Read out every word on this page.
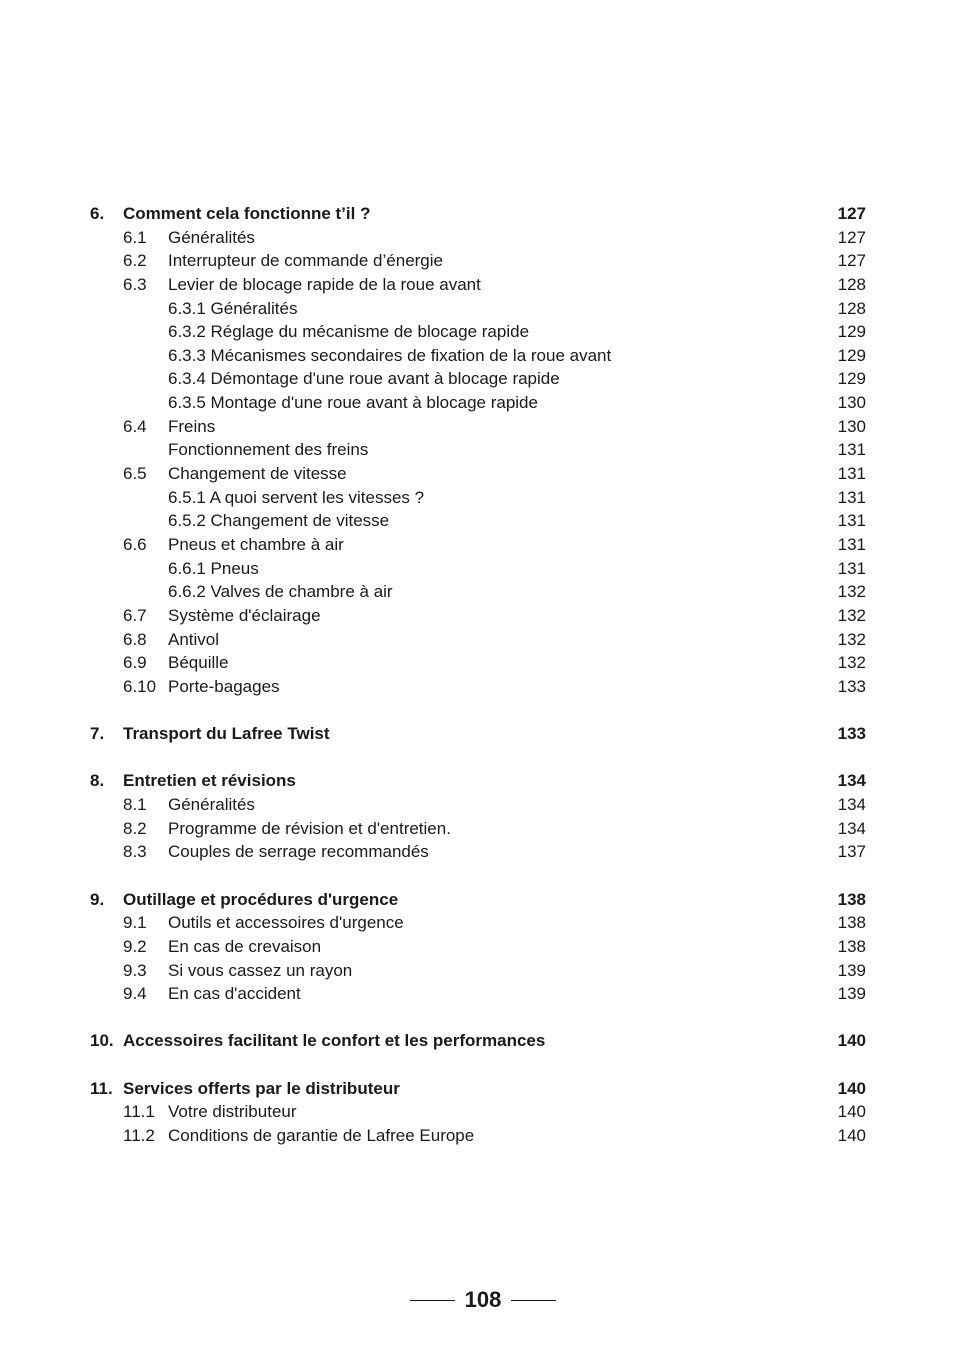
6. Comment cela fonctionne t’il ?	127
6.1 Généralités	127
6.2 Interrupteur de commande d’énergie	127
6.3 Levier de blocage rapide de la roue avant	128
6.3.1 Généralités	128
6.3.2 Réglage du mécanisme de blocage rapide	129
6.3.3 Mécanismes secondaires de fixation de la roue avant	129
6.3.4 Démontage d'une roue avant à blocage rapide	129
6.3.5 Montage d'une roue avant à blocage rapide	130
6.4 Freins	130
Fonctionnement des freins	131
6.5 Changement de vitesse	131
6.5.1 A quoi servent les vitesses ?	131
6.5.2 Changement de vitesse	131
6.6 Pneus et chambre à air	131
6.6.1 Pneus	131
6.6.2 Valves de chambre à air	132
6.7 Système d'éclairage	132
6.8 Antivol	132
6.9 Béquille	132
6.10 Porte-bagages	133
7. Transport du Lafree Twist	133
8. Entretien et révisions	134
8.1 Généralités	134
8.2 Programme de révision et d'entretien.	134
8.3 Couples de serrage recommandés	137
9. Outillage et procédures d'urgence	138
9.1 Outils et accessoires d'urgence	138
9.2 En cas de crevaison	138
9.3 Si vous cassez un rayon	139
9.4 En cas d'accident	139
10. Accessoires facilitant le confort et les performances	140
11. Services offerts par le distributeur	140
11.1 Votre distributeur	140
11.2 Conditions de garantie de Lafree Europe	140
108
